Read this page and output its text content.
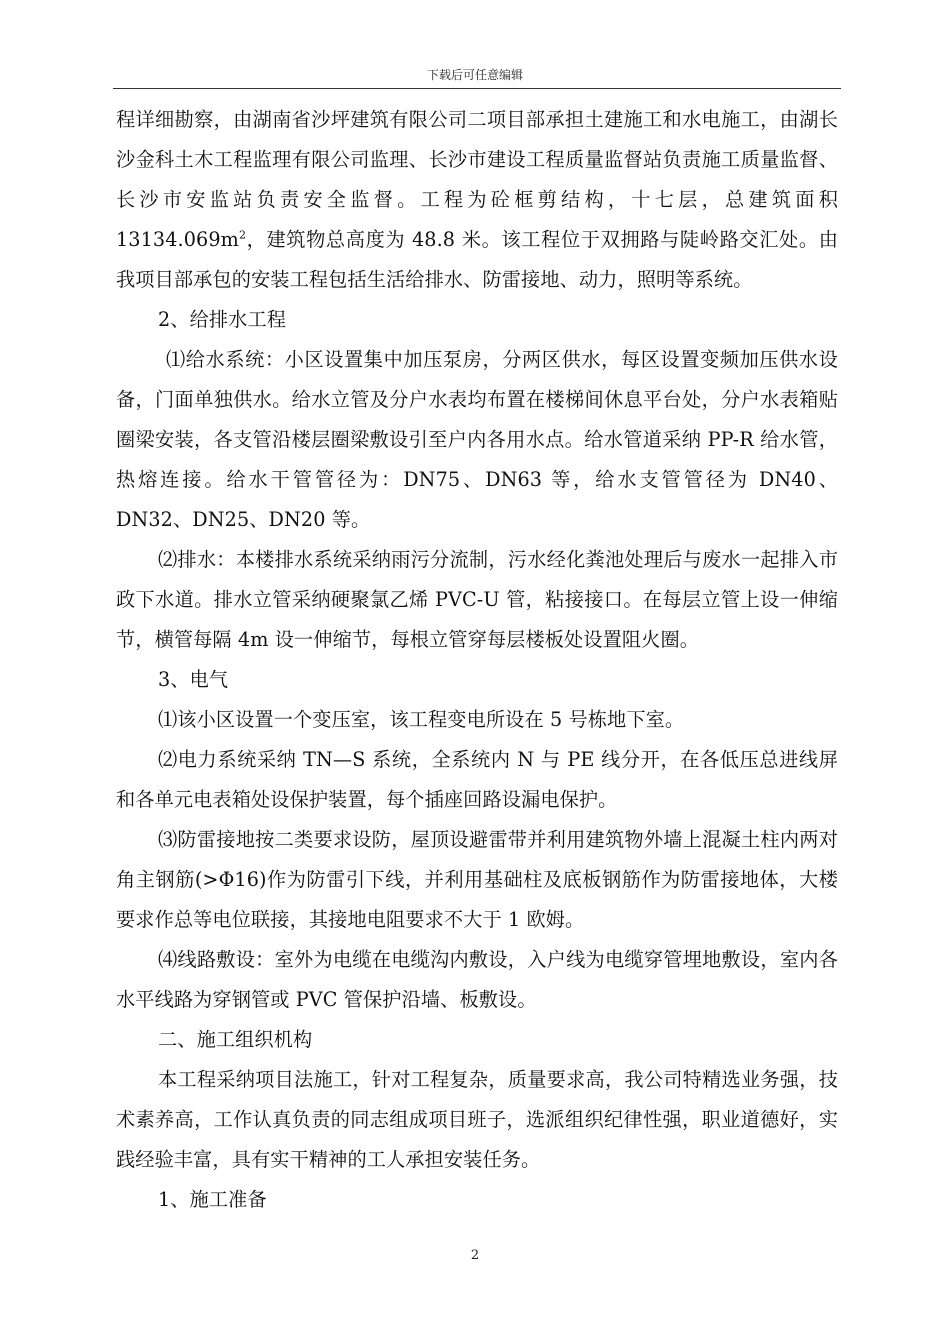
下载后可任意编辑

程详细勘察，由湖南省沙坪建筑有限公司二项目部承担土建施工和水电施工，由湖长沙金科土木工程监理有限公司监理、长沙市建设工程质量监督站负责施工质量监督、长沙市安监站负责安全监督。工程为砼框剪结构，十七层，总建筑面积 $13134.069m^2$，建筑物总高度为 48.8 米。该工程位于双拥路与陡岭路交汇处。由我项目部承包的安装工程包括生活给排水、防雷接地、动力，照明等系统。

2、给排水工程

⑴给水系统：小区设置集中加压泵房，分两区供水，每区设置变频加压供水设备，门面单独供水。给水立管及分户水表均布置在楼梯间休息平台处，分户水表箱贴圈梁安装，各支管沿楼层圈梁敷设引至户内各用水点。给水管道采纳 PP-R 给水管，热熔连接。给水干管管径为：DN75、DN63 等，给水支管管径为 DN40、DN32、DN25、DN20 等。

⑵排水：本楼排水系统采纳雨污分流制，污水经化粪池处理后与废水一起排入市政下水道。排水立管采纳硬聚氯乙烯 PVC-U 管，粘接接口。在每层立管上设一伸缩节，横管每隔 4m 设一伸缩节，每根立管穿每层楼板处设置阻火圈。

3、电气

⑴该小区设置一个变压室，该工程变电所设在 5 号栋地下室。

⑵电力系统采纳 TN—S 系统，全系统内 N 与 PE 线分开，在各低压总进线屏和各单元电表箱处设保护装置，每个插座回路设漏电保护。

⑶防雷接地按二类要求设防，屋顶设避雷带并利用建筑物外墙上混凝土柱内两对角主钢筋(>Φ16)作为防雷引下线，并利用基础柱及底板钢筋作为防雷接地体，大楼要求作总等电位联接，其接地电阻要求不大于 1 欧姆。

⑷线路敷设：室外为电缆在电缆沟内敷设，入户线为电缆穿管埋地敷设，室内各水平线路为穿钢管或 PVC 管保护沿墙、板敷设。

二、施工组织机构

本工程采纳项目法施工，针对工程复杂，质量要求高，我公司特精选业务强，技术素养高，工作认真负责的同志组成项目班子，选派组织纪律性强，职业道德好，实践经验丰富，具有实干精神的工人承担安装任务。

1、施工准备

2
